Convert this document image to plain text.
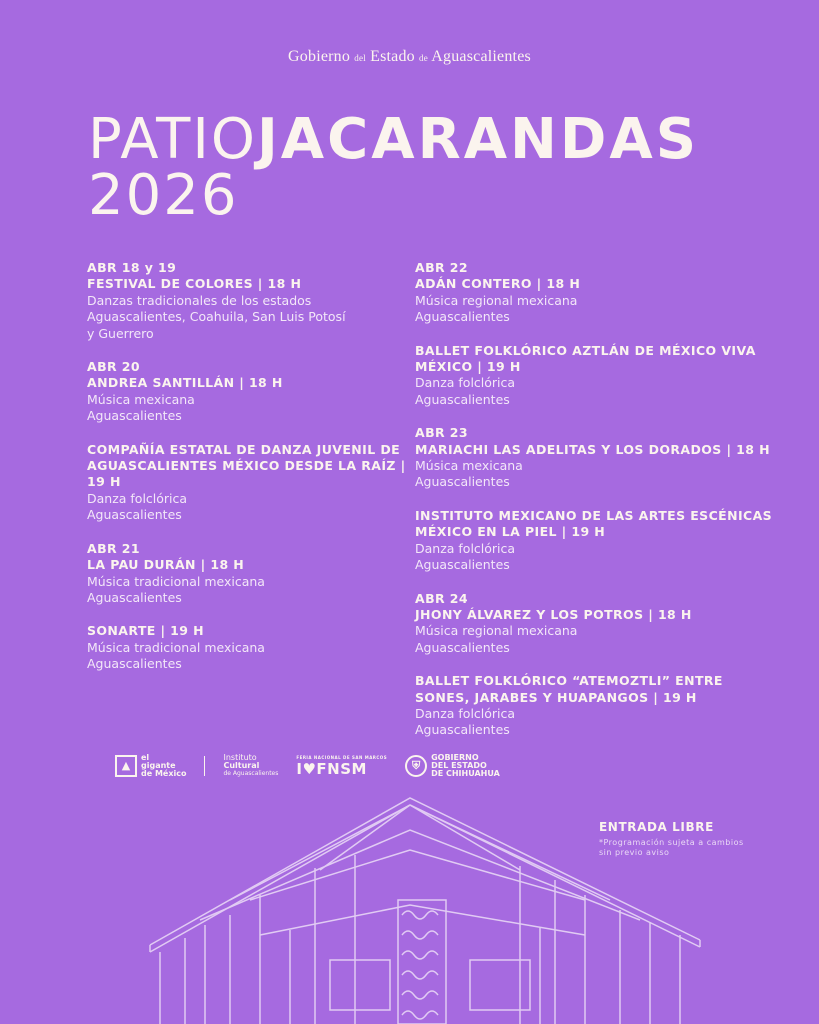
Gobierno del Estado de Aguascalientes
PATIOJACARANDAS
2026
ABR 18 y 19
FESTIVAL DE COLORES | 18 H
Danzas tradicionales de los estados
Aguascalientes, Coahuila, San Luis Potosí
y Guerrero
ABR 20
ANDREA SANTILLÁN | 18 H
Música mexicana
Aguascalientes
COMPAÑÍA ESTATAL DE DANZA JUVENIL DE AGUASCALIENTES MÉXICO DESDE LA RAÍZ | 19 H
Danza folclórica
Aguascalientes
ABR 21
LA PAU DURÁN | 18 H
Música tradicional mexicana
Aguascalientes
SONARTE | 19 H
Música tradicional mexicana
Aguascalientes
ABR 22
ADÁN CONTERO | 18 H
Música regional mexicana
Aguascalientes
BALLET FOLKLÓRICO AZTLÁN DE MÉXICO VIVA MÉXICO | 19 H
Danza folclórica
Aguascalientes
ABR 23
MARIACHI LAS ADELITAS Y LOS DORADOS | 18 H
Música mexicana
Aguascalientes
INSTITUTO MEXICANO DE LAS ARTES ESCÉNICAS MÉXICO EN LA PIEL | 19 H
Danza folclórica
Aguascalientes
ABR 24
JHONY ÁLVAREZ Y LOS POTROS | 18 H
Música regional mexicana
Aguascalientes
BALLET FOLKLÓRICO “ATEMOZTLI” ENTRE SONES, JARABES Y HUAPANGOS | 19 H
Danza folclórica
Aguascalientes
▲
el
gigante
de México
Instituto
Cultural
de Aguascalientes
FERIA NACIONAL DE SAN MARCOS
I♥FNSM	⛨
GOBIERNO
DEL ESTADO
DE CHIHUAHUA
ENTRADA LIBRE
*Programación sujeta a cambios
sin previo aviso
